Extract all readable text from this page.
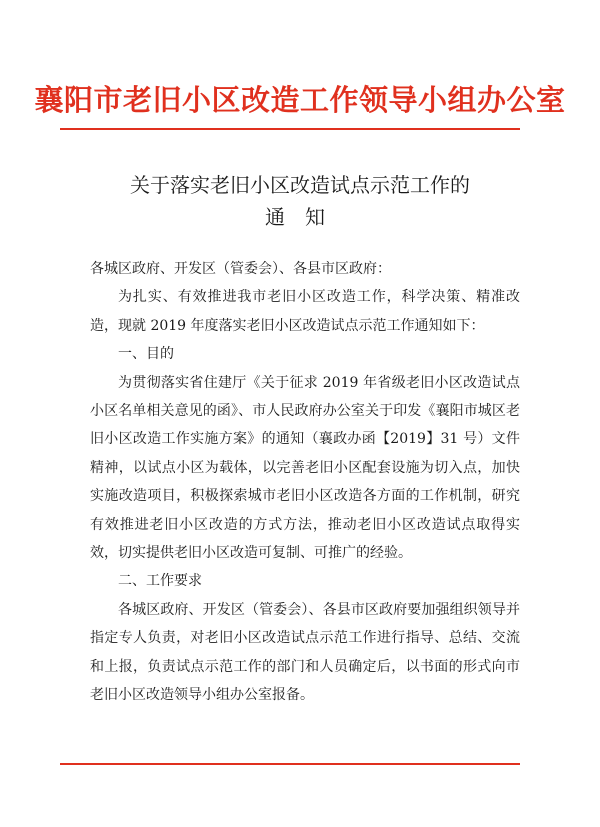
襄阳市老旧小区改造工作领导小组办公室
关于落实老旧小区改造试点示范工作的
通知

各城区政府、开发区（管委会）、各县市区政府：

为扎实、有效推进我市老旧小区改造工作，科学决策、精准改造，现就 2019 年度落实老旧小区改造试点示范工作通知如下：

一、目的

为贯彻落实省住建厅《关于征求 2019 年省级老旧小区改造试点小区名单相关意见的函》、市人民政府办公室关于印发《襄阳市城区老旧小区改造工作实施方案》的通知（襄政办函【2019】31 号）文件精神，以试点小区为载体，以完善老旧小区配套设施为切入点，加快实施改造项目，积极探索城市老旧小区改造各方面的工作机制，研究有效推进老旧小区改造的方式方法，推动老旧小区改造试点取得实效，切实提供老旧小区改造可复制、可推广的经验。

二、工作要求

各城区政府、开发区（管委会）、各县市区政府要加强组织领导并指定专人负责，对老旧小区改造试点示范工作进行指导、总结、交流和上报，负责试点示范工作的部门和人员确定后，以书面的形式向市老旧小区改造领导小组办公室报备。
